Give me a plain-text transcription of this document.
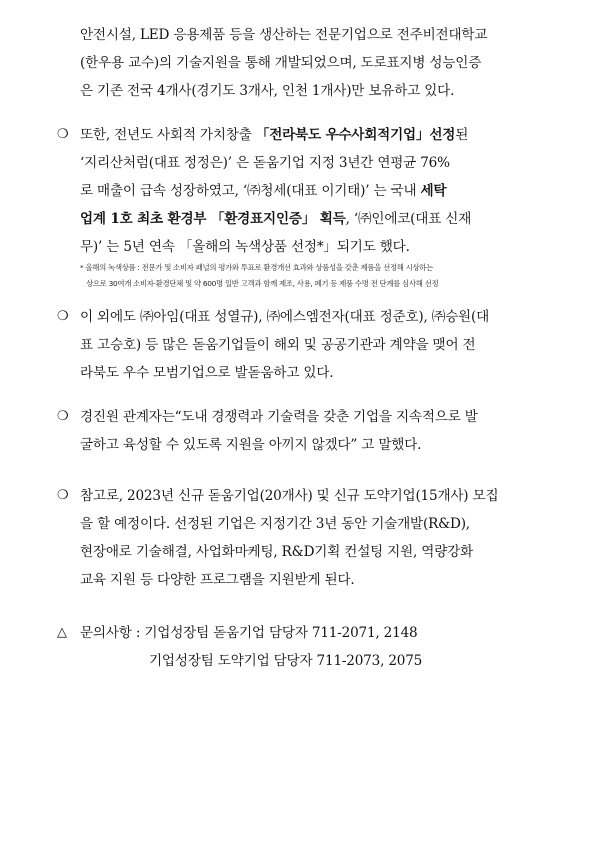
안전시설, LED 응용제품 등을 생산하는 전문기업으로 전주비전대학교
(한우용 교수)의 기술지원을 통해 개발되었으며, 도로표지병 성능인증
은 기존 전국 4개사(경기도 3개사, 인천 1개사)만 보유하고 있다.
❍ 또한, 전년도 사회적 가치창출 「전라북도 우수사회적기업」선정된
‘지리산처럼(대표 정정은)’ 은 돋움기업 지정 3년간 연평균 76%
로 매출이 급속 성장하였고, ‘㈜청세(대표 이기태)’ 는 국내 세탁
업계 1호 최초 환경부 「환경표지인증」 획득, ‘㈜인에코(대표 신재
무)’ 는 5년 연속 「올해의 녹색상품 선정*」되기도 했다.
* 올해의 녹색상품 : 전문가 및 소비자 패널의 평가와 투표로 환경개선 효과와 상품성을 갖춘 제품을 선정해 시상하는
상으로 30여개 소비자·환경단체 및 약 600명 일반 고객과 함께 제조, 사용, 폐기 등 제품 수명 전 단계를 심사해 선정
❍ 이 외에도 ㈜아임(대표 성열규), ㈜에스엠전자(대표 정준호), ㈜승원(대
표 고승호) 등 많은 돋움기업들이 해외 및 공공기관과 계약을 맺어 전
라북도 우수 모범기업으로 발돋움하고 있다.
❍ 경진원 관계자는“도내 경쟁력과 기술력을 갖춘 기업을 지속적으로 발
굴하고 육성할 수 있도록 지원을 아끼지 않겠다” 고 말했다.
❍ 참고로, 2023년 신규 돋움기업(20개사) 및 신규 도약기업(15개사) 모집
을 할 예정이다. 선정된 기업은 지정기간 3년 동안 기술개발(R&D),
현장애로 기술해결, 사업화마케팅, R&D기획 컨설팅 지원, 역량강화
교육 지원 등 다양한 프로그램을 지원받게 된다.
△ 문의사항 : 기업성장팀 돋움기업 담당자 711-2071, 2148
기업성장팀 도약기업 담당자 711-2073, 2075
